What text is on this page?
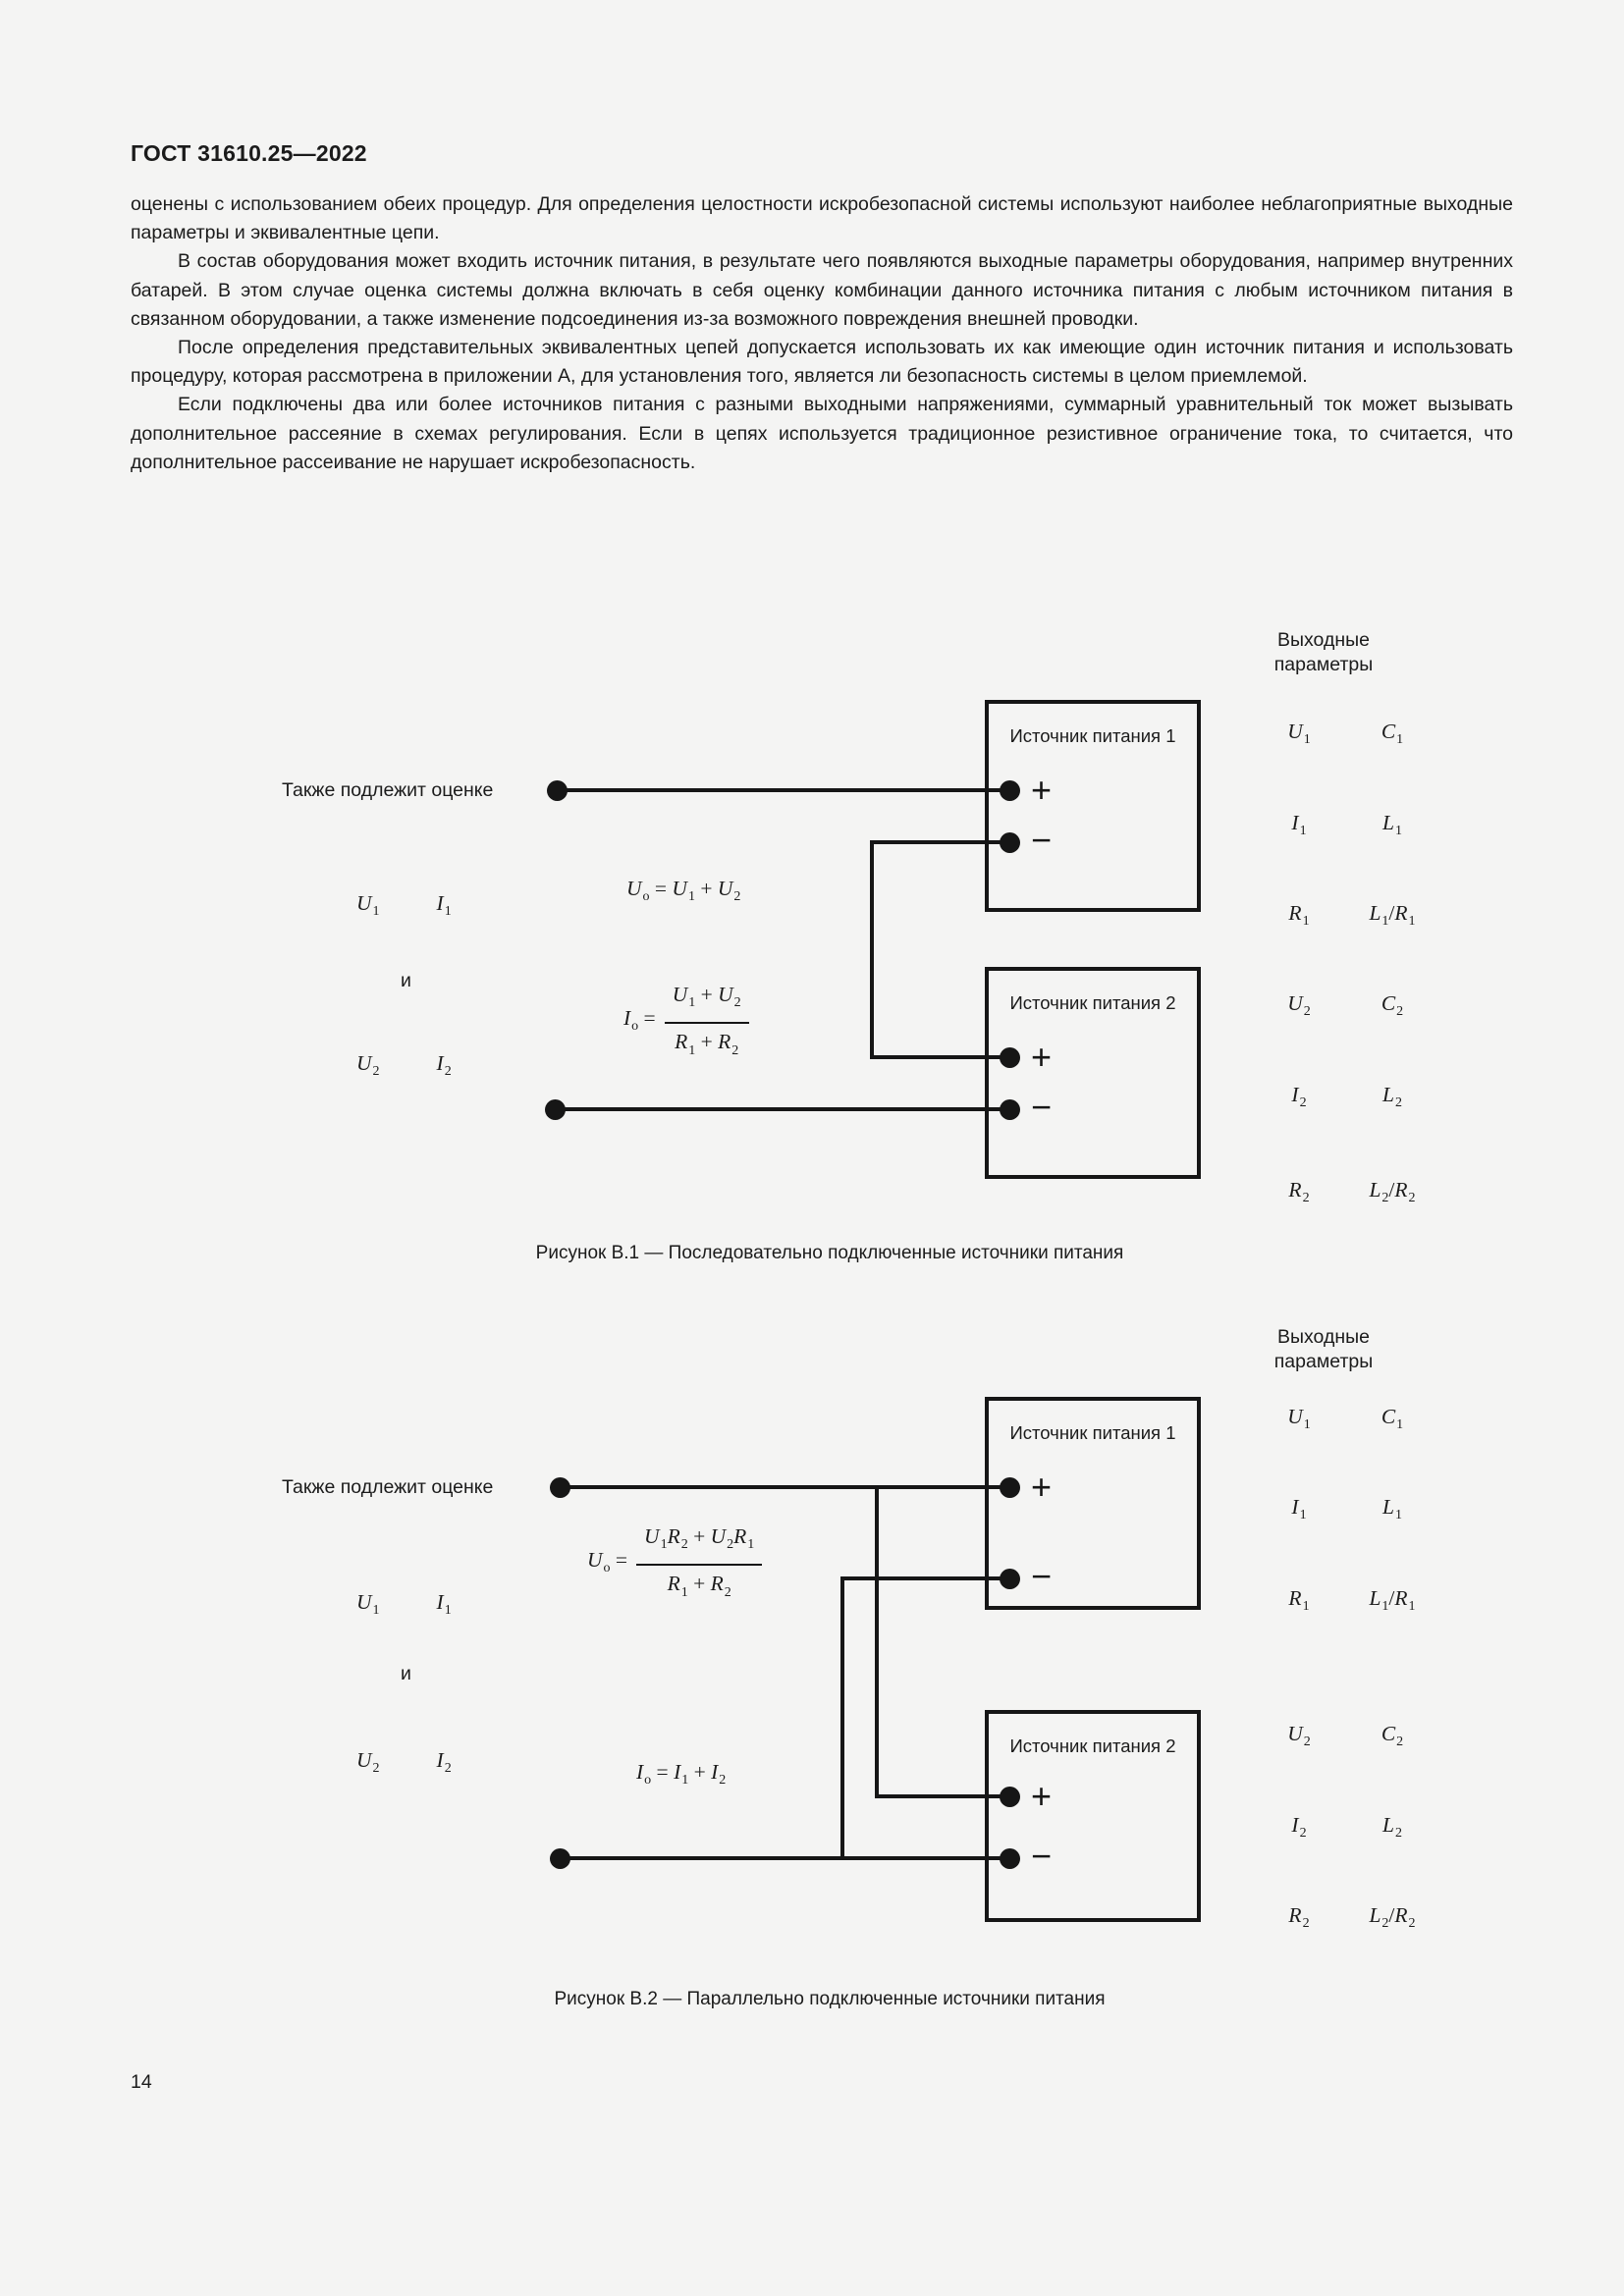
ГОСТ 31610.25—2022

оценены с использованием обеих процедур. Для определения целостности искробезопасной системы используют наиболее неблагоприятные выходные параметры и эквивалентные цепи.

В состав оборудования может входить источник питания, в результате чего появляются выходные параметры оборудования, например внутренних батарей. В этом случае оценка системы должна включать в себя оценку комбинации данного источника питания с любым источником питания в связанном оборудовании, а также изменение подсоединения из-за возможного повреждения внешней проводки.

После определения представительных эквивалентных цепей допускается использовать их как имеющие один источник питания и использовать процедуру, которая рассмотрена в приложении А, для установления того, является ли безопасность системы в целом приемлемой.

Если подключены два или более источников питания с разными выходными напряжениями, суммарный уравнительный ток может вызывать дополнительное рассеяние в схемах регулирования. Если в цепях используется традиционное резистивное ограничение тока, то считается, что дополнительное рассеивание не нарушает искробезопасность.

Выходные
параметры
Также подлежит оценке
Источник питания 1
+
−
Источник питания 2
+
−
$U_1$	$I_1$
и
$U_2$	$I_2$
$U_o = U_1 + U_2$
$I_o = \frac{U_1 + U_2}{R_1 + R_2}$
$U_1$	$C_1$
$I_1$	$L_1$
$R_1$	$L_1/R_1$
$U_2$	$C_2$
$I_2$	$L_2$
$R_2$	$L_2/R_2$
Рисунок В.1 — Последовательно подключенные источники питания
Выходные
параметры
Также подлежит оценке
Источник питания 1
+
−
Источник питания 2
+
−
$U_1$	$I_1$
и
$U_2$	$I_2$
$U_o = \frac{U_1R_2 + U_2R_1}{R_1 + R_2}$
$I_o = I_1 + I_2$
$U_1$	$C_1$
$I_1$	$L_1$
$R_1$	$L_1/R_1$
$U_2$	$C_2$
$I_2$	$L_2$
$R_2$	$L_2/R_2$
Рисунок В.2 — Параллельно подключенные источники питания
14
